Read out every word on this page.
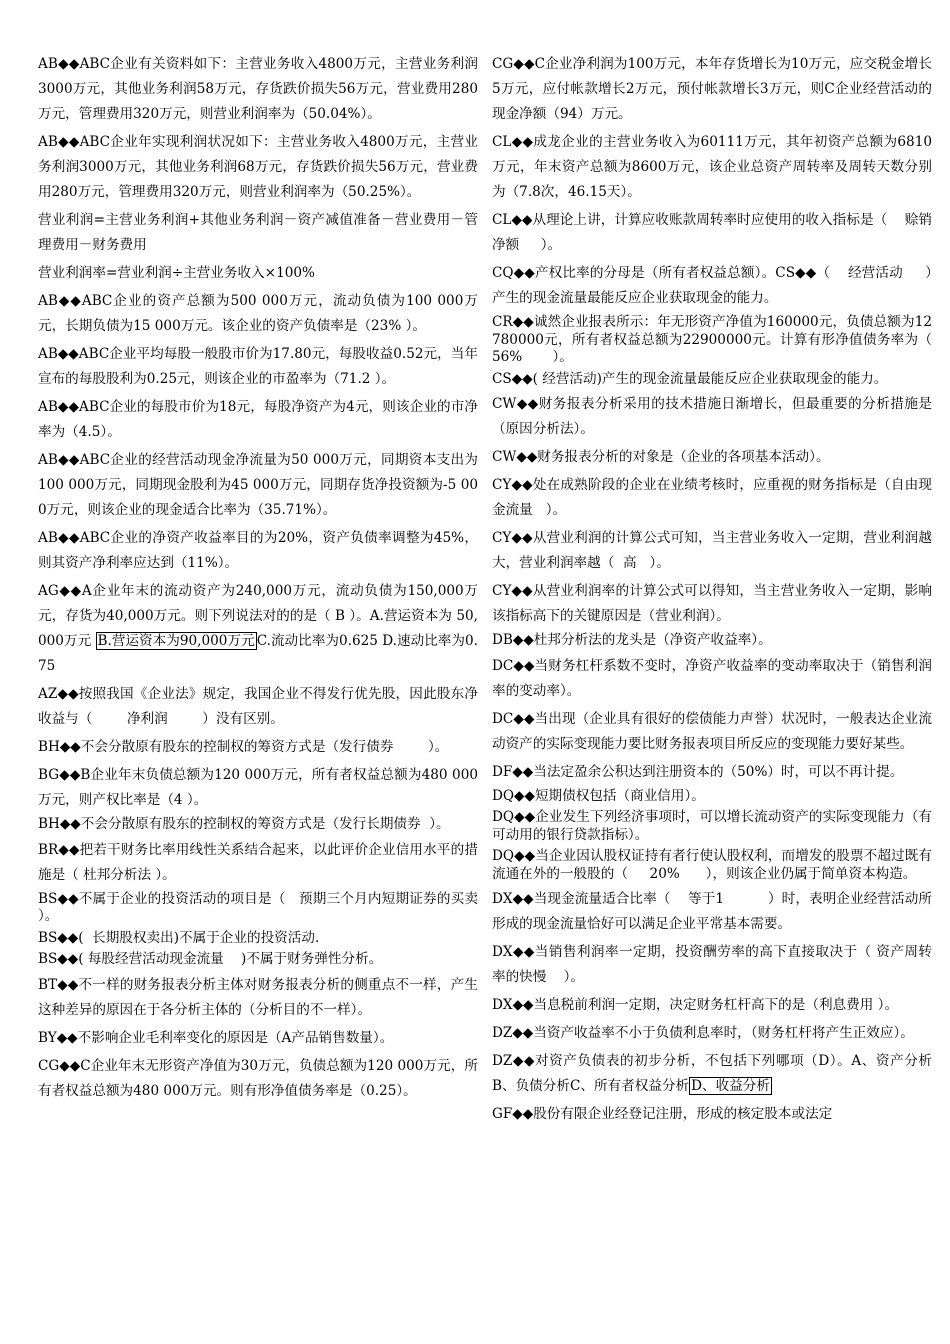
AB◆◆ABC企业有关资料如下：主营业务收入4800万元，主营业务利润3000万元，其他业务利润58万元，存货跌价损失56万元，营业费用280万元，管理费用320万元，则营业利润率为（50.04%）。

AB◆◆ABC企业年实现利润状况如下：主营业务收入4800万元，主营业务利润3000万元，其他业务利润68万元，存货跌价损失56万元，营业费用280万元，管理费用320万元，则营业利润率为（50.25%）。

营业利润=主营业务利润+其他业务利润－资产减值准备－营业费用－管理费用－财务费用

营业利润率=营业利润÷主营业务收入×100%

AB◆◆ABC企业的资产总额为500 000万元，流动负债为100 000万元，长期负债为15 000万元。该企业的资产负债率是（23% ）。

AB◆◆ABC企业平均每股一般股市价为17.80元，每股收益0.52元，当年宣布的每股股利为0.25元，则该企业的市盈率为（71.2 ）。

AB◆◆ABC企业的每股市价为18元，每股净资产为4元，则该企业的市净率为（4.5）。

AB◆◆ABC企业的经营活动现金净流量为50 000万元，同期资本支出为100 000万元，同期现金股利为45 000万元，同期存货净投资额为-5 000万元，则该企业的现金适合比率为（35.71%）。

AB◆◆ABC企业的净资产收益率目的为20%，资产负债率调整为45%，则其资产净利率应达到（11%）。

AG◆◆A企业年末的流动资产为240,000万元，流动负债为150,000万元，存货为40,000万元。则下列说法对的的是（ B ）。A.营运资本为 50,000万元 B.营运资本为90,000万元 C.流动比率为0.625 D.速动比率为0.75

AZ◆◆按照我国《企业法》规定，我国企业不得发行优先股，因此股东净收益与（        净利润        ）没有区别。

BH◆◆不会分散原有股东的控制权的筹资方式是（发行债券        ）。

BG◆◆B企业年末负债总额为120 000万元，所有者权益总额为480 000万元，则产权比率是（4 ）。

BH◆◆不会分散原有股东的控制权的筹资方式是（发行长期债券  ）。

BR◆◆把若干财务比率用线性关系结合起来，以此评价企业信用水平的措施是（ 杜邦分析法 ）。

BS◆◆不属于企业的投资活动的项目是（   预期三个月内短期证券的买卖    ）。

BS◆◆(  长期股权卖出)不属于企业的投资活动.

BS◆◆( 每股经营活动现金流量    )不属于财务弹性分析。

BT◆◆不一样的财务报表分析主体对财务报表分析的侧重点不一样，产生这种差异的原因在于各分析主体的（分析目的不一样）。

BY◆◆不影响企业毛利率变化的原因是（A产品销售数量）。

CG◆◆C企业年末无形资产净值为30万元，负债总额为120 000万元，所有者权益总额为480 000万元。则有形净值债务率是（0.25）。

CG◆◆C企业净利润为100万元，本年存货增长为10万元，应交税金增长5万元，应付帐款增长2万元，预付帐款增长3万元，则C企业经营活动的现金净额（94）万元。

CL◆◆成龙企业的主营业务收入为60111万元，其年初资产总额为6810万元，年末资产总额为8600万元，该企业总资产周转率及周转天数分别为（7.8次，46.15天）。

CL◆◆从理论上讲，计算应收账款周转率时应使用的收入指标是（    赊销净额     ）。

CQ◆◆产权比率的分母是（所有者权益总额）。CS◆◆（    经营活动     ）产生的现金流量最能反应企业获取现金的能力。

CR◆◆诚然企业报表所示：年无形资产净值为160000元，负债总额为12780000元，所有者权益总额为22900000元。计算有形净值债务率为（    56%       ）。

CS◆◆( 经营活动)产生的现金流量最能反应企业获取现金的能力。

CW◆◆财务报表分析采用的技术措施日渐增长，但最重要的分析措施是（原因分析法）。

CW◆◆财务报表分析的对象是（企业的各项基本活动）。

CY◆◆处在成熟阶段的企业在业绩考核时，应重视的财务指标是（自由现金流量   ）。

CY◆◆从营业利润的计算公式可知，当主营业务收入一定期，营业利润越大，营业利润率越（  高   ）。

CY◆◆从营业利润率的计算公式可以得知，当主营业务收入一定期，影响该指标高下的关键原因是（营业利润）。

DB◆◆杜邦分析法的龙头是（净资产收益率）。

DC◆◆当财务杠杆系数不变时，净资产收益率的变动率取决于（销售利润率的变动率）。

DC◆◆当出现（企业具有很好的偿债能力声誉）状况时，一般表达企业流动资产的实际变现能力要比财务报表项目所反应的变现能力要好某些。

DF◆◆当法定盈余公积达到注册资本的（50%）时，可以不再计提。

DQ◆◆短期债权包括（商业信用）。

DQ◆◆企业发生下列经济事项时，可以增长流动资产的实际变现能力（有可动用的银行贷款指标）。

DQ◆◆当企业因认股权证持有者行使认股权利，而增发的股票不超过既有流通在外的一般股的（     20%      ），则该企业仍属于简单资本构造。

DX◆◆当现金流量适合比率（    等于1          ）时，表明企业经营活动所形成的现金流量恰好可以满足企业平常基本需要。

DX◆◆当销售利润率一定期，投资酬劳率的高下直接取决于（ 资产周转率的快慢    ）。

DX◆◆当息税前利润一定期，决定财务杠杆高下的是（利息费用 ）。

DZ◆◆当资产收益率不小于负债利息率时，（财务杠杆将产生正效应）。

DZ◆◆对资产负债表的初步分析，不包括下列哪项（D）。A、资产分析B、负债分析C、所有者权益分析 D、收益分析

GF◆◆股份有限企业经登记注册，形成的核定股本或法定
